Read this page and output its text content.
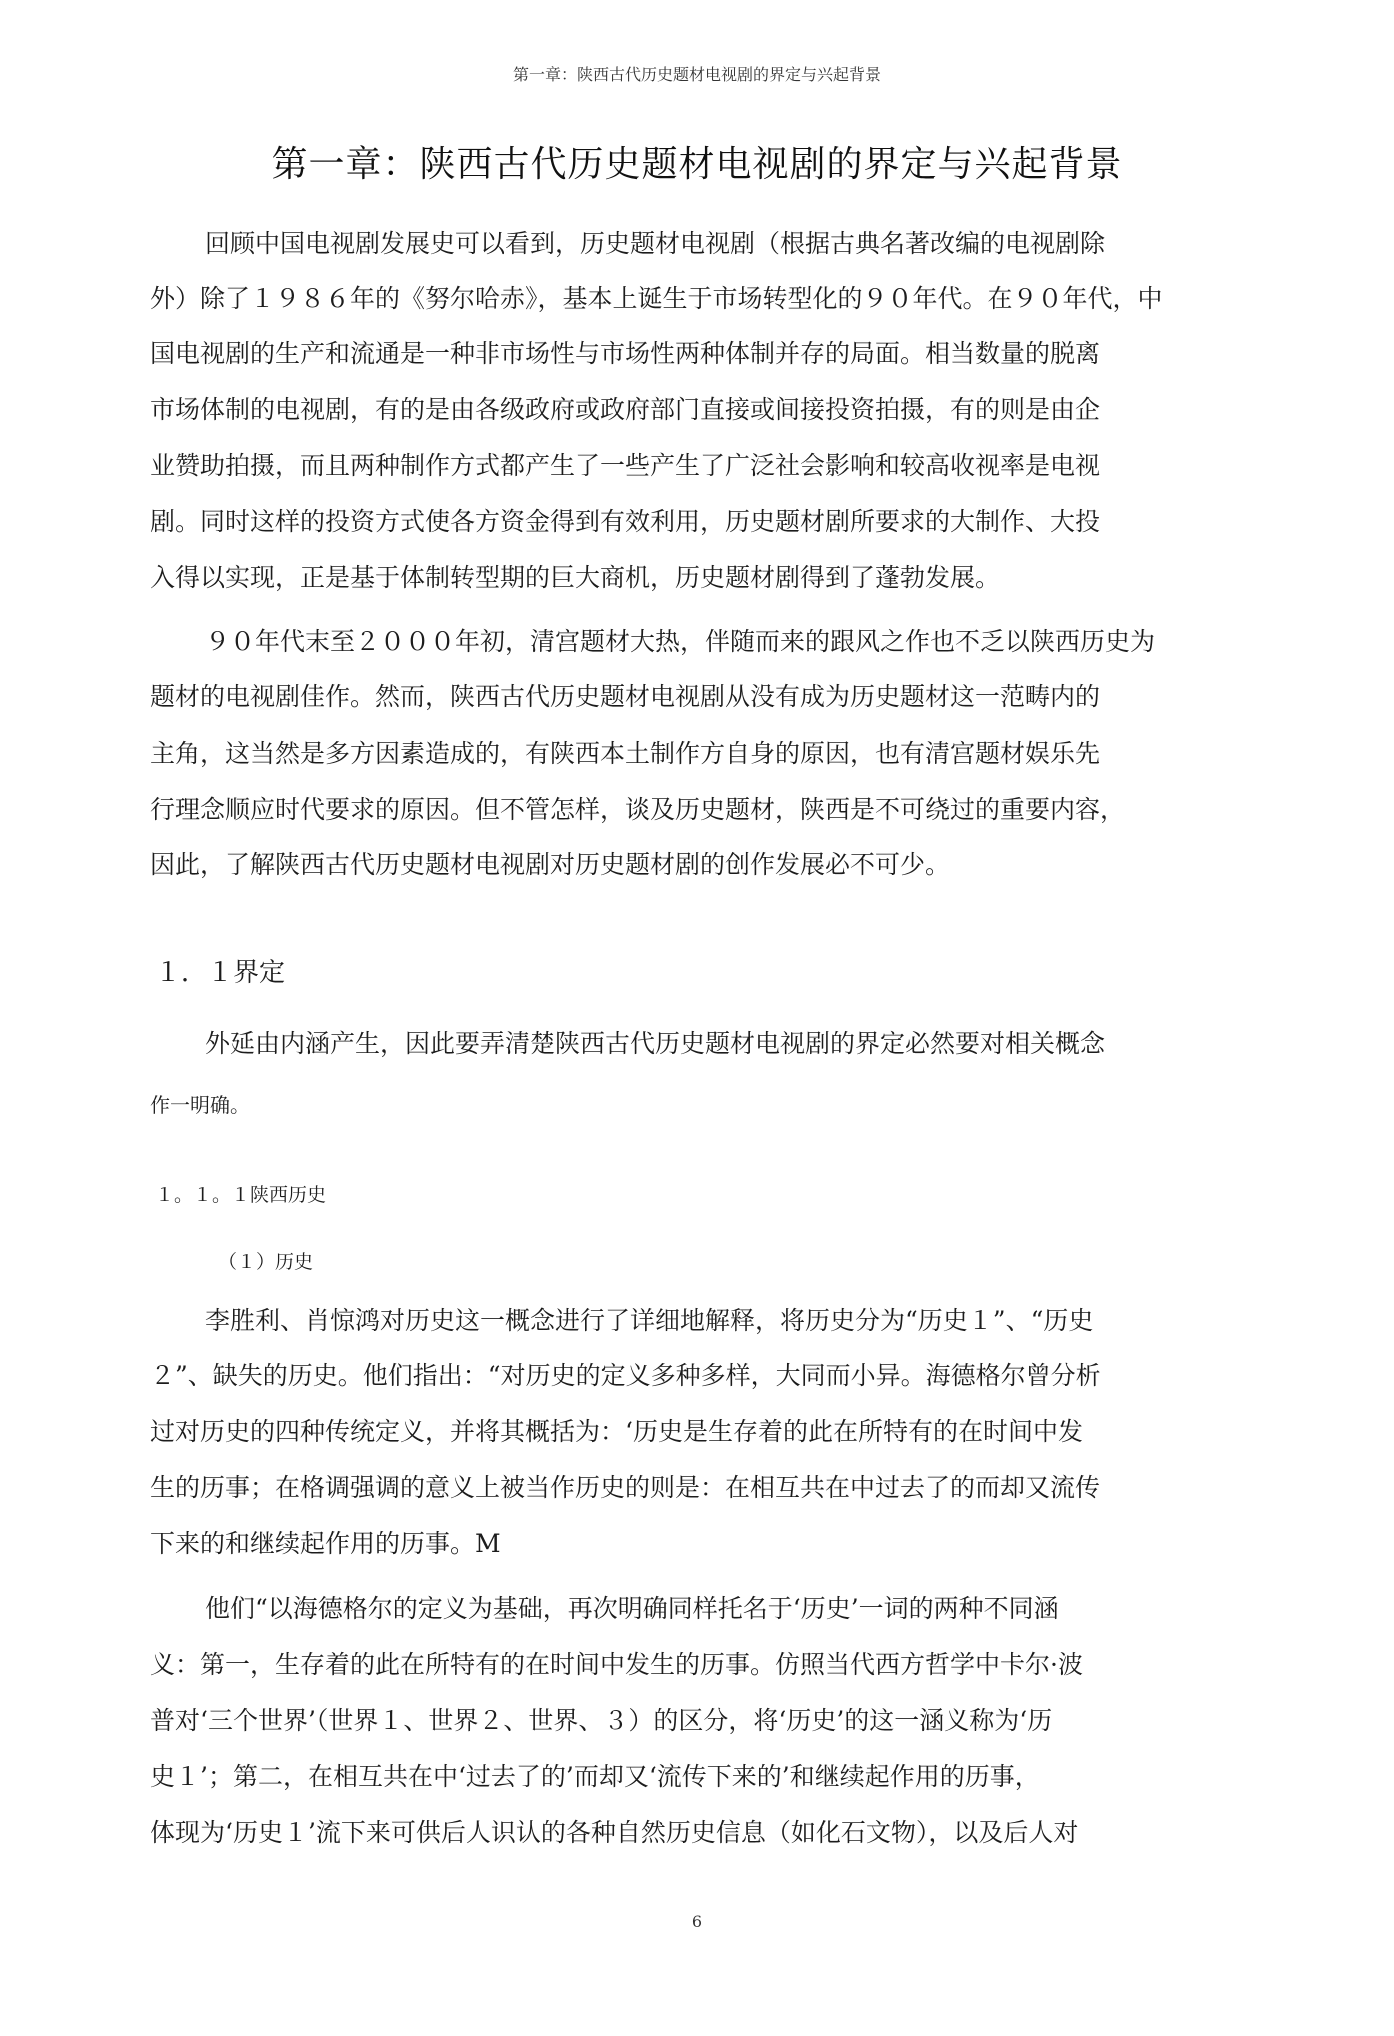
第一章：陕西古代历史题材电视剧的界定与兴起背景
第一章：陕西古代历史题材电视剧的界定与兴起背景
回顾中国电视剧发展史可以看到，历史题材电视剧（根据古典名著改编的电视剧除
外）除了１９８６年的《努尔哈赤》，基本上诞生于市场转型化的９０年代。在９０年代，中
国电视剧的生产和流通是一种非市场性与市场性两种体制并存的局面。相当数量的脱离
市场体制的电视剧，有的是由各级政府或政府部门直接或间接投资拍摄，有的则是由企
业赞助拍摄，而且两种制作方式都产生了一些产生了广泛社会影响和较高收视率是电视
剧。同时这样的投资方式使各方资金得到有效利用，历史题材剧所要求的大制作、大投
入得以实现，正是基于体制转型期的巨大商机，历史题材剧得到了蓬勃发展。
９０年代末至２０００年初，清宫题材大热，伴随而来的跟风之作也不乏以陕西历史为
题材的电视剧佳作。然而，陕西古代历史题材电视剧从没有成为历史题材这一范畴内的
主角，这当然是多方因素造成的，有陕西本土制作方自身的原因，也有清宫题材娱乐先
行理念顺应时代要求的原因。但不管怎样，谈及历史题材，陕西是不可绕过的重要内容，
因此，了解陕西古代历史题材电视剧对历史题材剧的创作发展必不可少。
１．１界定
外延由内涵产生，因此要弄清楚陕西古代历史题材电视剧的界定必然要对相关概念
作一明确。
１。１。１陕西历史
（１）历史
李胜利、肖惊鸿对历史这一概念进行了详细地解释，将历史分为“历史１”、“历史
２”、缺失的历史。他们指出：“对历史的定义多种多样，大同而小异。海德格尔曾分析
过对历史的四种传统定义，并将其概括为：‘历史是生存着的此在所特有的在时间中发
生的历事；在格调强调的意义上被当作历史的则是：在相互共在中过去了的而却又流传
下来的和继续起作用的历事。M
他们“以海德格尔的定义为基础，再次明确同样托名于‘历史’一词的两种不同涵
义：第一，生存着的此在所特有的在时间中发生的历事。仿照当代西方哲学中卡尔·波
普对‘三个世界’（世界１、世界２、世界、３）的区分，将‘历史’的这一涵义称为‘历
史１’；第二，在相互共在中‘过去了的’而却又‘流传下来的’和继续起作用的历事，
体现为‘历史１’流下来可供后人识认的各种自然历史信息（如化石文物），以及后人对
6
